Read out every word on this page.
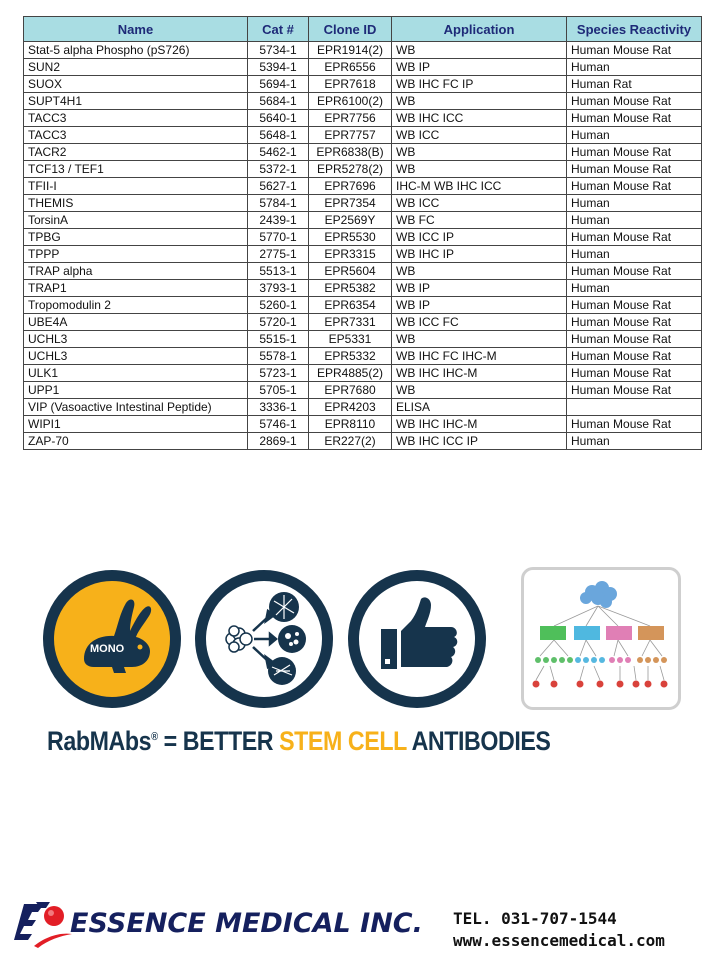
Name	Cat #	Clone ID	Application	Species Reactivity
Stat-5 alpha Phospho (pS726)	5734-1	EPR1914(2)	WB	Human Mouse Rat
SUN2	5394-1	EPR6556	WB IP	Human
SUOX	5694-1	EPR7618	WB IHC FC IP	Human Rat
SUPT4H1	5684-1	EPR6100(2)	WB	Human Mouse Rat
TACC3	5640-1	EPR7756	WB IHC ICC	Human Mouse Rat
TACC3	5648-1	EPR7757	WB ICC	Human
TACR2	5462-1	EPR6838(B)	WB	Human Mouse Rat
TCF13 / TEF1	5372-1	EPR5278(2)	WB	Human Mouse Rat
TFII-I	5627-1	EPR7696	IHC-M WB IHC ICC	Human Mouse Rat
THEMIS	5784-1	EPR7354	WB ICC	Human
TorsinA	2439-1	EP2569Y	WB FC	Human
TPBG	5770-1	EPR5530	WB ICC IP	Human Mouse Rat
TPPP	2775-1	EPR3315	WB IHC IP	Human
TRAP alpha	5513-1	EPR5604	WB	Human Mouse Rat
TRAP1	3793-1	EPR5382	WB IP	Human
Tropomodulin 2	5260-1	EPR6354	WB IP	Human Mouse Rat
UBE4A	5720-1	EPR7331	WB ICC FC	Human Mouse Rat
UCHL3	5515-1	EP5331	WB	Human Mouse Rat
UCHL3	5578-1	EPR5332	WB IHC FC IHC-M	Human Mouse Rat
ULK1	5723-1	EPR4885(2)	WB IHC IHC-M	Human Mouse Rat
UPP1	5705-1	EPR7680	WB	Human Mouse Rat
VIP (Vasoactive Intestinal Peptide)	3336-1	EPR4203	ELISA	
WIPI1	5746-1	EPR8110	WB IHC IHC-M	Human Mouse Rat
ZAP-70	2869-1	ER227(2)	WB IHC ICC IP	Human
MONO
RabMAbs® = BETTER STEM CELL ANTIBODIES
ESSENCE MEDICAL INC. TEL. 031-707-1544
www.essencemedical.com
